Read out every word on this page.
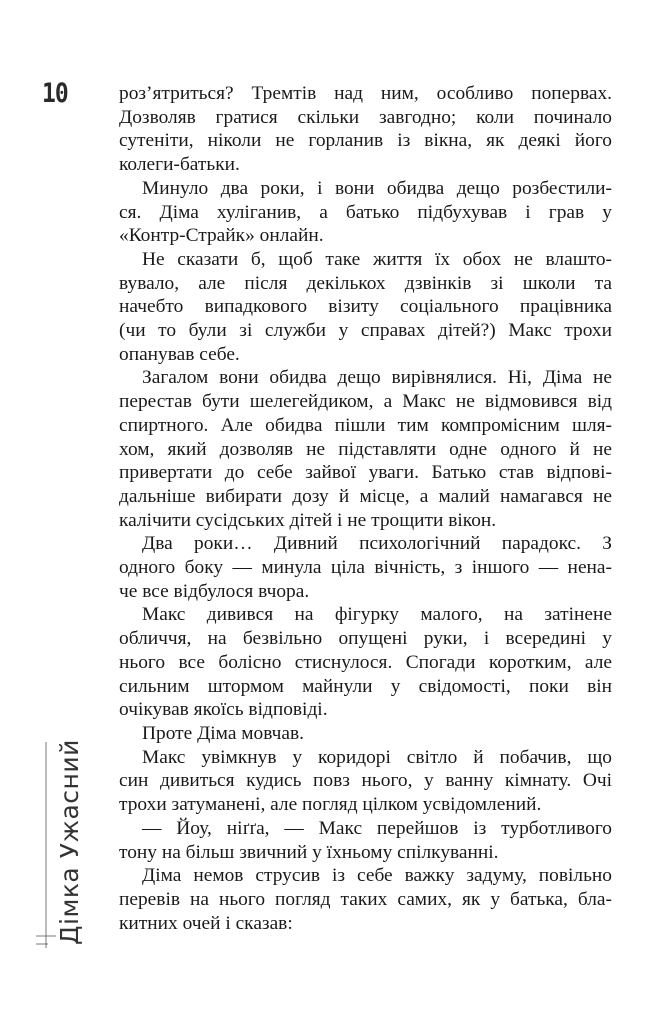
10
Дімка Ужасний
роз’ятриться? Тремтів над ним, особливо попервах.
Дозволяв гратися скільки завгодно; коли починало
сутеніти, ніколи не горланив із вікна, як деякі його
колеги-батьки.
Минуло два роки, і вони обидва дещо розбестили-
ся. Діма хуліганив, а батько підбухував і грав у
«Контр-Страйк» онлайн.
Не сказати б, щоб таке життя їх обох не влашто-
вувало, але після декількох дзвінків зі школи та
начебто випадкового візиту соціального працівника
(чи то були зі служби у справах дітей?) Макс трохи
опанував себе.
Загалом вони обидва дещо вирівнялися. Ні, Діма не
перестав бути шелегейдиком, а Макс не відмовився від
спиртного. Але обидва пішли тим компромісним шля-
хом, який дозволяв не підставляти одне одного й не
привертати до себе зайвої уваги. Батько став відпові-
дальніше вибирати дозу й місце, а малий намагався не
калічити сусідських дітей і не трощити вікон.
Два роки… Дивний психологічний парадокс. З
одного боку — минула ціла вічність, з іншого — нена-
че все відбулося вчора.
Макс дивився на фігурку малого, на затінене
обличчя, на безвільно опущені руки, і всередині у
нього все болісно стиснулося. Спогади коротким, але
сильним штормом майнули у свідомості, поки він
очікував якоїсь відповіді.
Проте Діма мовчав.
Макс увімкнув у коридорі світло й побачив, що
син дивиться кудись повз нього, у ванну кімнату. Очі
трохи затуманені, але погляд цілком усвідомлений.
— Йоу, ніґґа, — Макс перейшов із турботливого
тону на більш звичний у їхньому спілкуванні.
Діма немов струсив із себе важку задуму, повільно
перевів на нього погляд таких самих, як у батька, бла-
китних очей і сказав:
